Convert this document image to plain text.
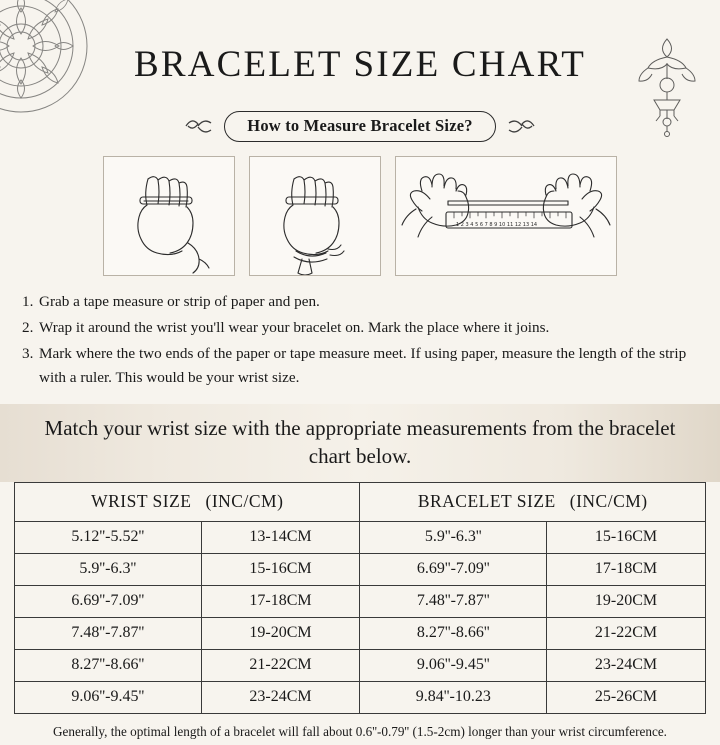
BRACELET SIZE CHART
How to Measure Bracelet Size?
1 2 3 4 5 6 7 8 9 10 11 12 13 14
1. Grab a tape measure or strip of paper and pen.
2. Wrap it around the wrist you'll wear your bracelet on. Mark the place where it joins.
3. Mark where the two ends of the paper or tape measure meet. If using paper, measure the length of the strip with a ruler. This would be your wrist size.
Match your wrist size with the appropriate measurements from the bracelet chart below.
WRIST SIZE (INC/CM)		BRACELET SIZE (INC/CM)	
5.12''-5.52''	13-14CM	5.9''-6.3''	15-16CM
5.9''-6.3''	15-16CM	6.69''-7.09''	17-18CM
6.69''-7.09''	17-18CM	7.48''-7.87''	19-20CM
7.48''-7.87''	19-20CM	8.27''-8.66''	21-22CM
8.27''-8.66''	21-22CM	9.06''-9.45''	23-24CM
9.06''-9.45''	23-24CM	9.84''-10.23	25-26CM
Generally, the optimal length of a bracelet will fall about 0.6''-0.79'' (1.5-2cm) longer than your wrist circumference.
